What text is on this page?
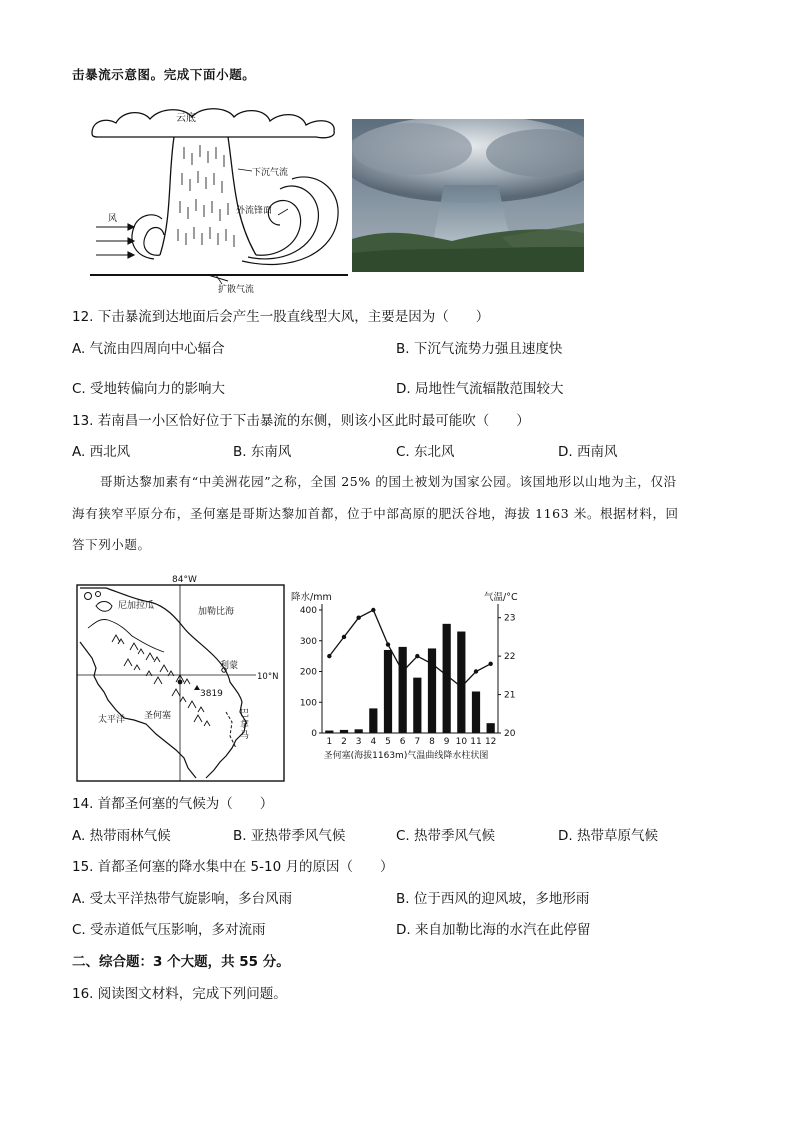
击暴流示意图。完成下面小题。
云底
下沉气流
外流锋面
风
扩散气流
12. 下击暴流到达地面后会产生一股直线型大风，主要是因为（　　）
A. 气流由四周向中心辐合	B. 下沉气流势力强且速度快
C. 受地转偏向力的影响大	D. 局地性气流辐散范围较大
13. 若南昌一小区恰好位于下击暴流的东侧，则该小区此时最可能吹（　　）
A. 西北风	B. 东南风	C. 东北风	D. 西南风
哥斯达黎加素有“中美洲花园”之称，全国 25% 的国土被划为国家公园。该国地形以山地为主，仅沿
海有狭窄平原分布，圣何塞是哥斯达黎加首都，位于中部高原的肥沃谷地，海拔 1163 米。根据材料，回
答下列小题。
84°W
10°N
尼加拉瓜
加勒比海
利蒙
3819
太平洋 圣何塞	巴
拿
马
降水/mm	气温/°C
400
300
200
100
0
23
22
21
20
1 2 3 4 5 6 7 8 9 10 11 12
圣何塞(海拔1163m)气温曲线降水柱状图
14. 首都圣何塞的气候为（　　）
A. 热带雨林气候	B. 亚热带季风气候	C. 热带季风气候	D. 热带草原气候
15. 首都圣何塞的降水集中在 5-10 月的原因（　　）
A. 受太平洋热带气旋影响，多台风雨	B. 位于西风的迎风坡，多地形雨
C. 受赤道低气压影响，多对流雨	D. 来自加勒比海的水汽在此停留
二、综合题：3 个大题，共 55 分。
16. 阅读图文材料，完成下列问题。
